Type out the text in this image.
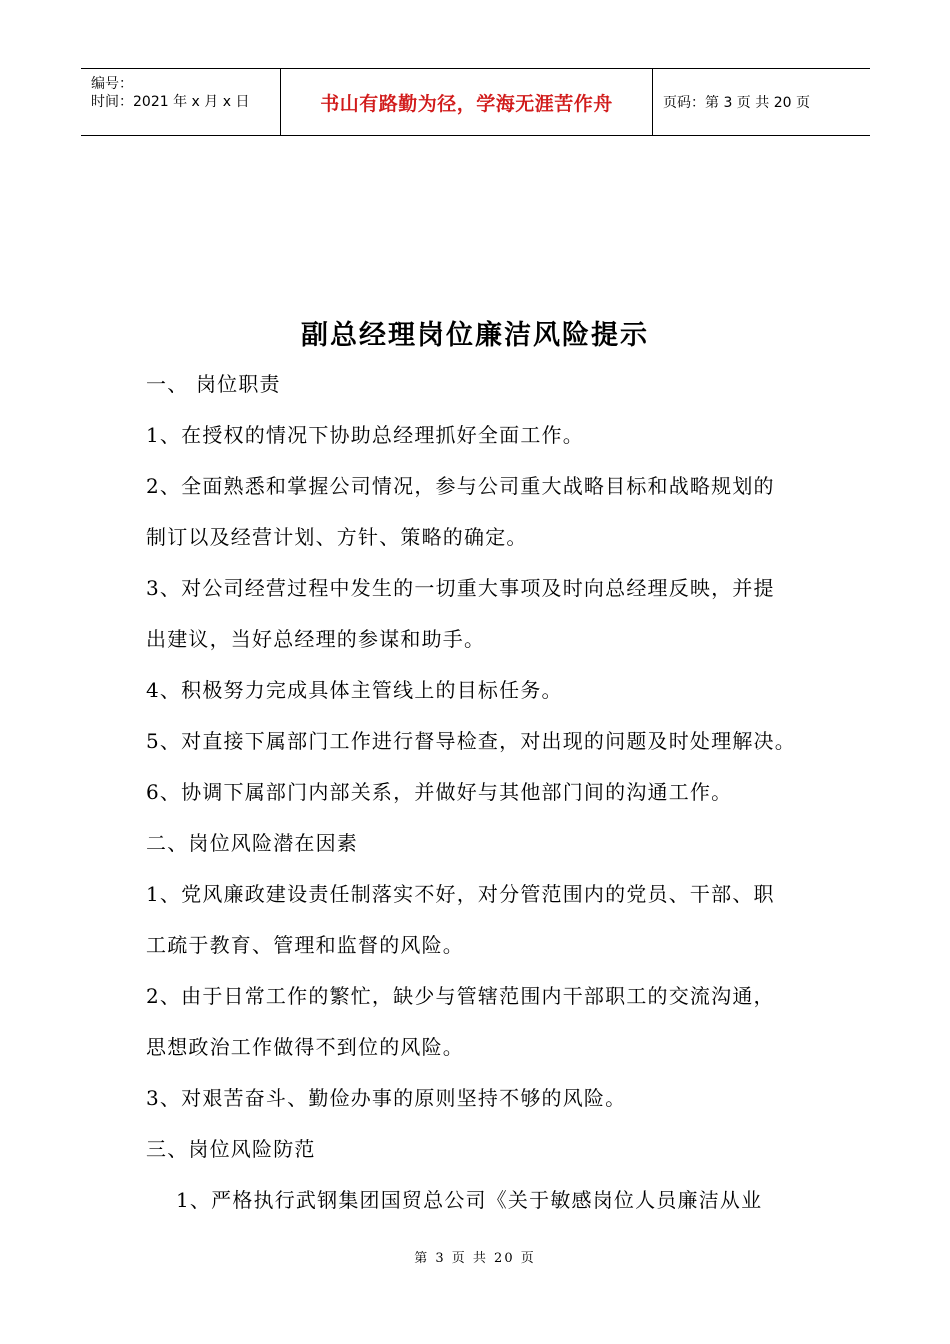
编号：
时间：2021 年 x 月 x 日	书山有路勤为径，学海无涯苦作舟	页码：第 3 页 共 20 页
副总经理岗位廉洁风险提示
一、 岗位职责
1、在授权的情况下协助总经理抓好全面工作。
2、全面熟悉和掌握公司情况，参与公司重大战略目标和战略规划的
制订以及经营计划、方针、策略的确定。
3、对公司经营过程中发生的一切重大事项及时向总经理反映，并提
出建议，当好总经理的参谋和助手。
4、积极努力完成具体主管线上的目标任务。
5、对直接下属部门工作进行督导检查，对出现的问题及时处理解决。
6、协调下属部门内部关系，并做好与其他部门间的沟通工作。
二、岗位风险潜在因素
1、党风廉政建设责任制落实不好，对分管范围内的党员、干部、职
工疏于教育、管理和监督的风险。
2、由于日常工作的繁忙，缺少与管辖范围内干部职工的交流沟通，
思想政治工作做得不到位的风险。
3、对艰苦奋斗、勤俭办事的原则坚持不够的风险。
三、岗位风险防范
1、严格执行武钢集团国贸总公司《关于敏感岗位人员廉洁从业
第 3 页 共 20 页
